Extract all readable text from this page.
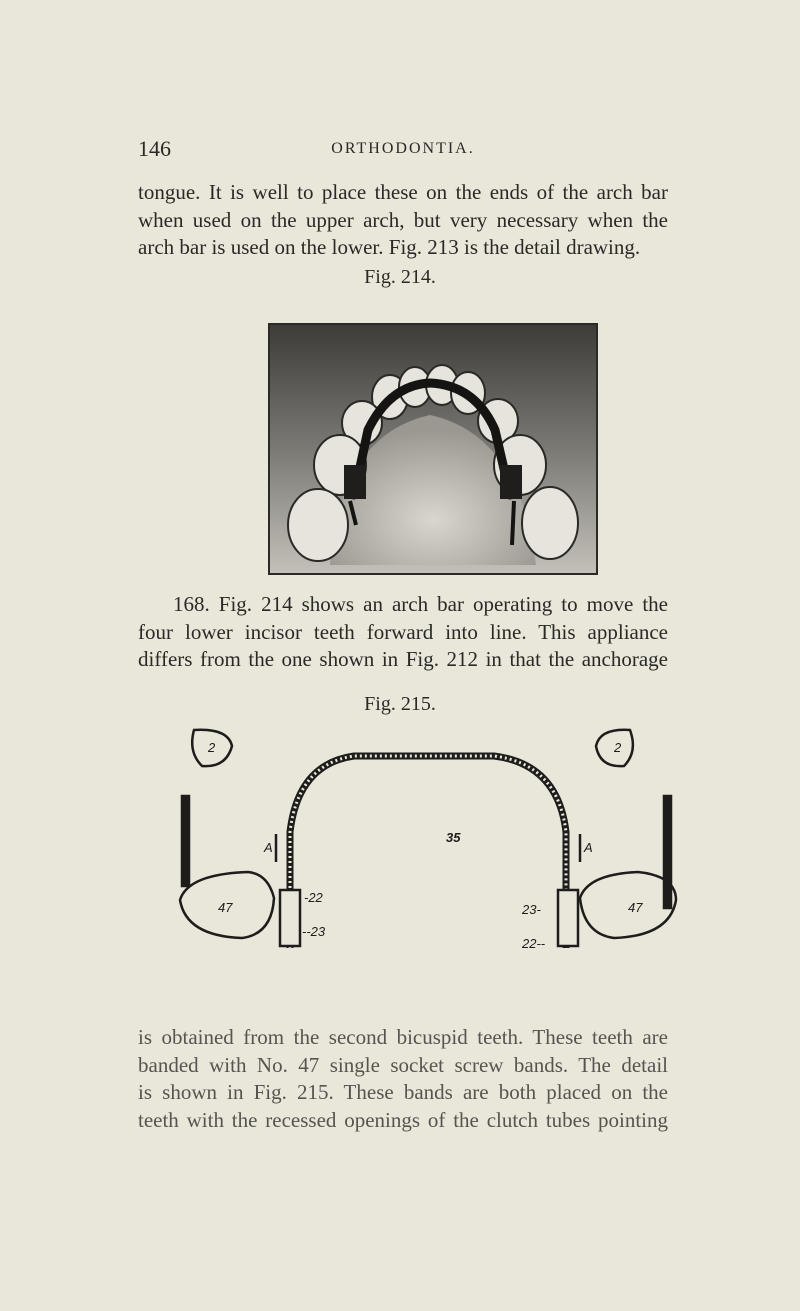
146	ORTHODONTIA.
tongue. It is well to place these on the ends of the arch bar
when used on the upper arch, but very necessary when the
arch bar is used on the lower. Fig. 213 is the detail drawing.
Fig. 214.
168. Fig. 214 shows an arch bar operating to move the
four lower incisor teeth forward into line. This appliance
differs from the one shown in Fig. 212 in that the anchorage
Fig. 215.
2	2
35
A	A
-22
--23
23-
22--
47	47
is obtained from the second bicuspid teeth. These teeth are
banded with No. 47 single socket screw bands. The detail
is shown in Fig. 215. These bands are both placed on the
teeth with the recessed openings of the clutch tubes pointing
